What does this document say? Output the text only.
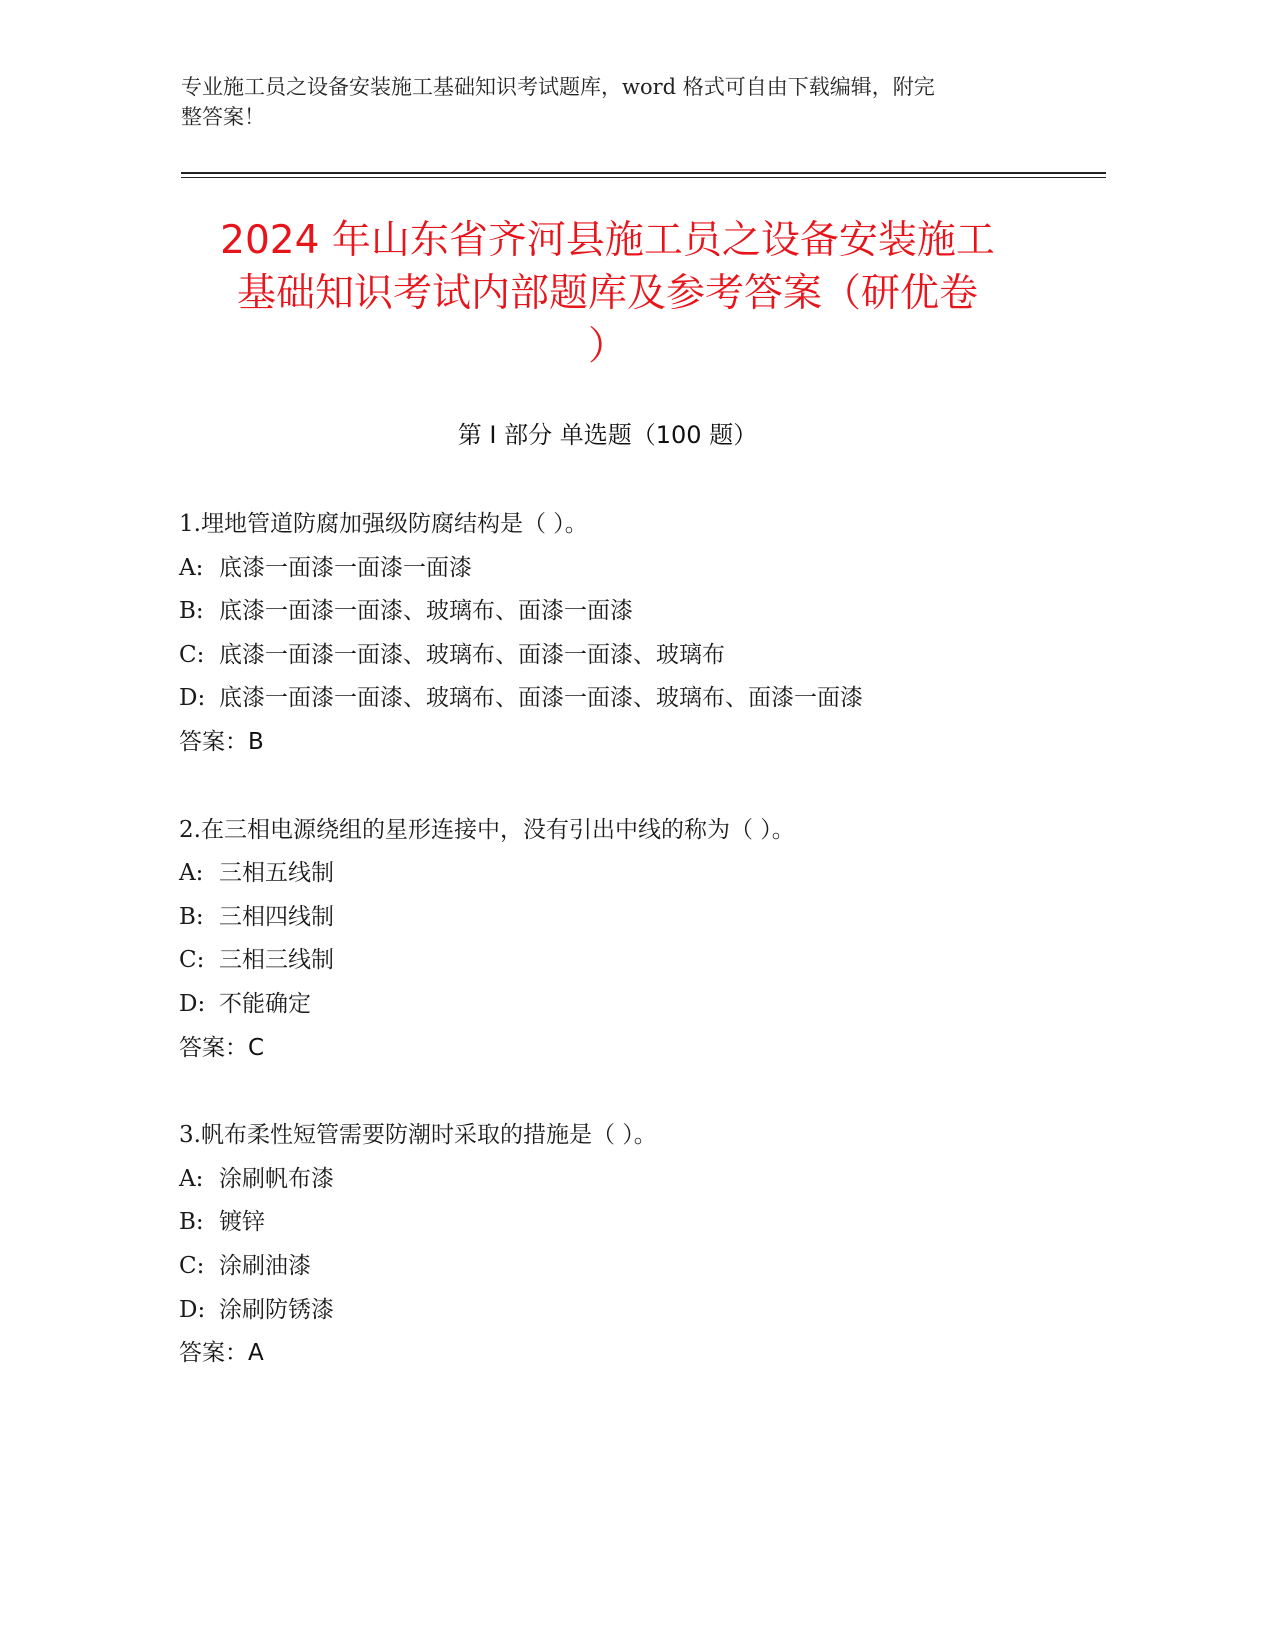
专业施工员之设备安装施工基础知识考试题库，word 格式可自由下载编辑，附完
整答案！
2024 年山东省齐河县施工员之设备安装施工
基础知识考试内部题库及参考答案（研优卷
）
第 I 部分 单选题（100 题）
1.埋地管道防腐加强级防腐结构是（ ）。
A: 底漆一面漆一面漆一面漆
B: 底漆一面漆一面漆、玻璃布、面漆一面漆
C: 底漆一面漆一面漆、玻璃布、面漆一面漆、玻璃布
D: 底漆一面漆一面漆、玻璃布、面漆一面漆、玻璃布、面漆一面漆
答案：B
2.在三相电源绕组的星形连接中，没有引出中线的称为（ ）。
A: 三相五线制
B: 三相四线制
C: 三相三线制
D: 不能确定
答案：C
3.帆布柔性短管需要防潮时采取的措施是（ ）。
A: 涂刷帆布漆
B: 镀锌
C: 涂刷油漆
D: 涂刷防锈漆
答案：A
